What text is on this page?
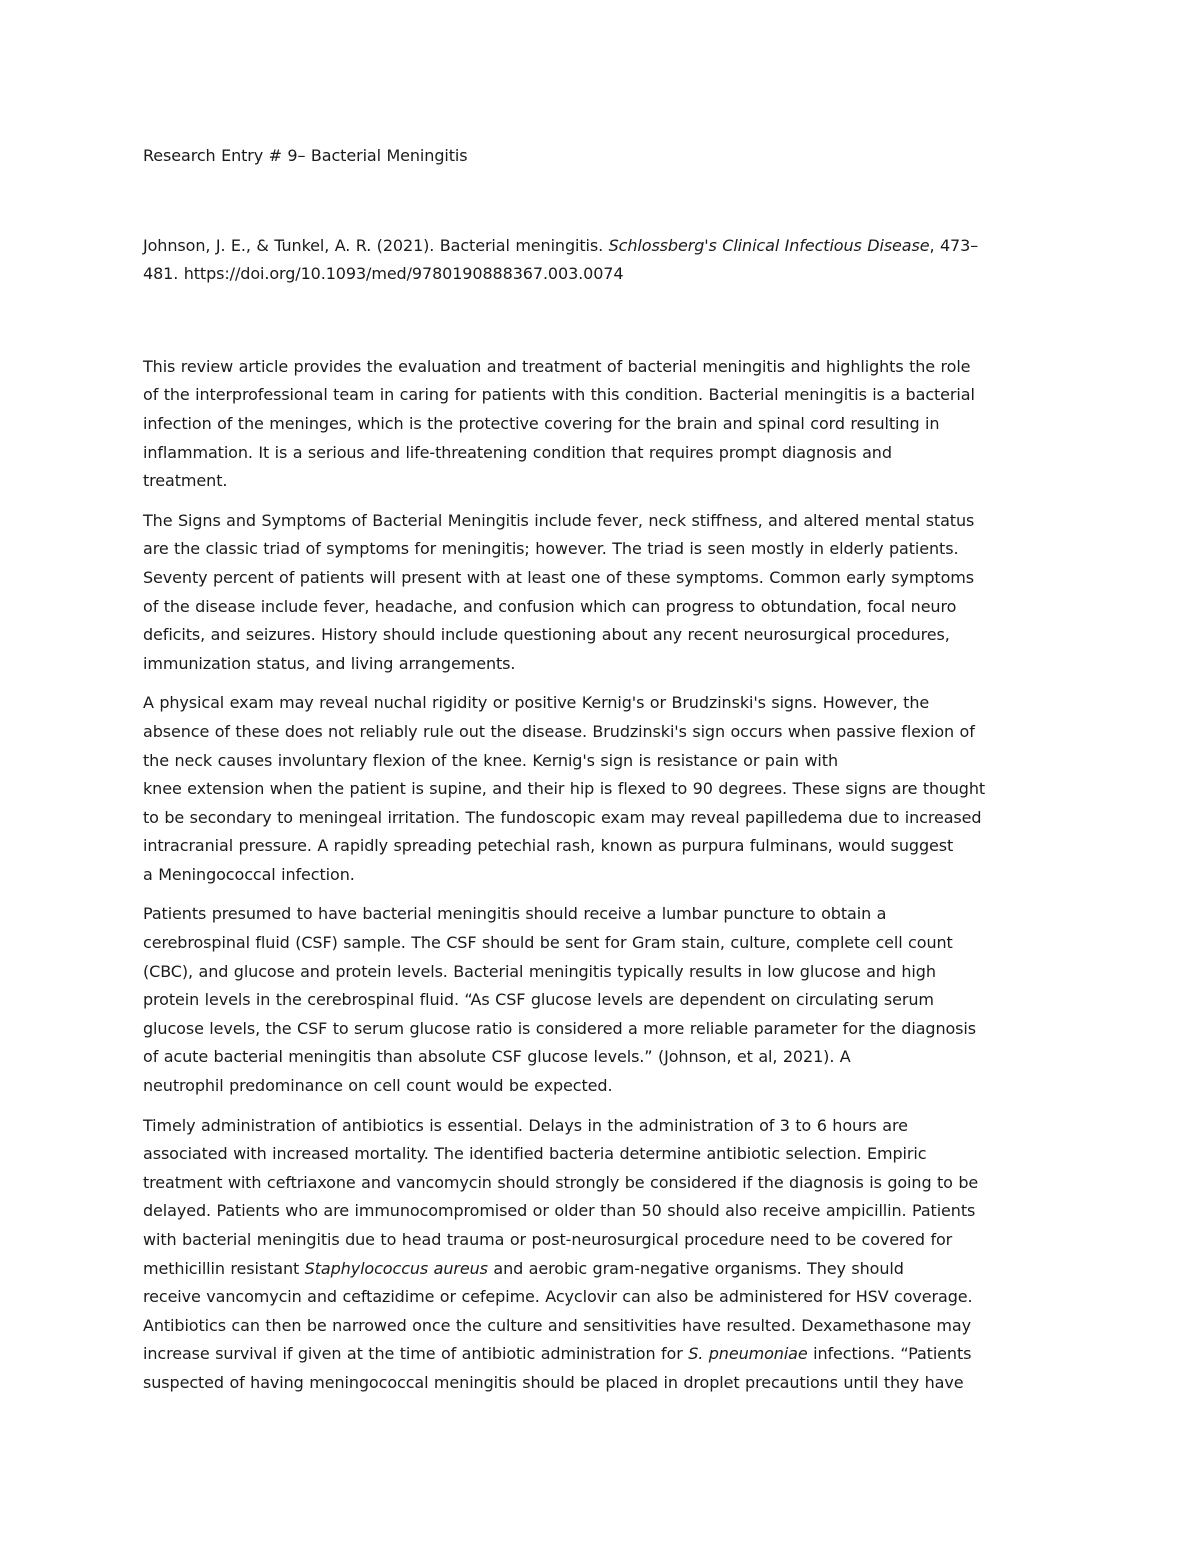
Research Entry # 9– Bacterial Meningitis
Johnson, J. E., & Tunkel, A. R. (2021). Bacterial meningitis. Schlossberg's Clinical Infectious Disease, 473–
481. https://doi.org/10.1093/med/9780190888367.003.0074
This review article provides the evaluation and treatment of bacterial meningitis and highlights the role
of the interprofessional team in caring for patients with this condition. Bacterial meningitis is a bacterial
infection of the meninges, which is the protective covering for the brain and spinal cord resulting in
inflammation. It is a serious and life-threatening condition that requires prompt diagnosis and
treatment.
The Signs and Symptoms of Bacterial Meningitis include fever, neck stiffness, and altered mental status
are the classic triad of symptoms for meningitis; however. The triad is seen mostly in elderly patients.
Seventy percent of patients will present with at least one of these symptoms. Common early symptoms
of the disease include fever, headache, and confusion which can progress to obtundation, focal neuro
deficits, and seizures. History should include questioning about any recent neurosurgical procedures,
immunization status, and living arrangements.
A physical exam may reveal nuchal rigidity or positive Kernig's or Brudzinski's signs. However, the
absence of these does not reliably rule out the disease. Brudzinski's sign occurs when passive flexion of
the neck causes involuntary flexion of the knee. Kernig's sign is resistance or pain with
knee extension when the patient is supine, and their hip is flexed to 90 degrees. These signs are thought
to be secondary to meningeal irritation. The fundoscopic exam may reveal papilledema due to increased
intracranial pressure. A rapidly spreading petechial rash, known as purpura fulminans, would suggest
a Meningococcal infection.
Patients presumed to have bacterial meningitis should receive a lumbar puncture to obtain a
cerebrospinal fluid (CSF) sample. The CSF should be sent for Gram stain, culture, complete cell count
(CBC), and glucose and protein levels. Bacterial meningitis typically results in low glucose and high
protein levels in the cerebrospinal fluid. “As CSF glucose levels are dependent on circulating serum
glucose levels, the CSF to serum glucose ratio is considered a more reliable parameter for the diagnosis
of acute bacterial meningitis than absolute CSF glucose levels.” (Johnson, et al, 2021). A
neutrophil predominance on cell count would be expected.
Timely administration of antibiotics is essential. Delays in the administration of 3 to 6 hours are
associated with increased mortality. The identified bacteria determine antibiotic selection. Empiric
treatment with ceftriaxone and vancomycin should strongly be considered if the diagnosis is going to be
delayed. Patients who are immunocompromised or older than 50 should also receive ampicillin. Patients
with bacterial meningitis due to head trauma or post-neurosurgical procedure need to be covered for
methicillin resistant Staphylococcus aureus and aerobic gram-negative organisms. They should
receive vancomycin and ceftazidime or cefepime. Acyclovir can also be administered for HSV coverage.
Antibiotics can then be narrowed once the culture and sensitivities have resulted. Dexamethasone may
increase survival if given at the time of antibiotic administration for S. pneumoniae infections. “Patients
suspected of having meningococcal meningitis should be placed in droplet precautions until they have
